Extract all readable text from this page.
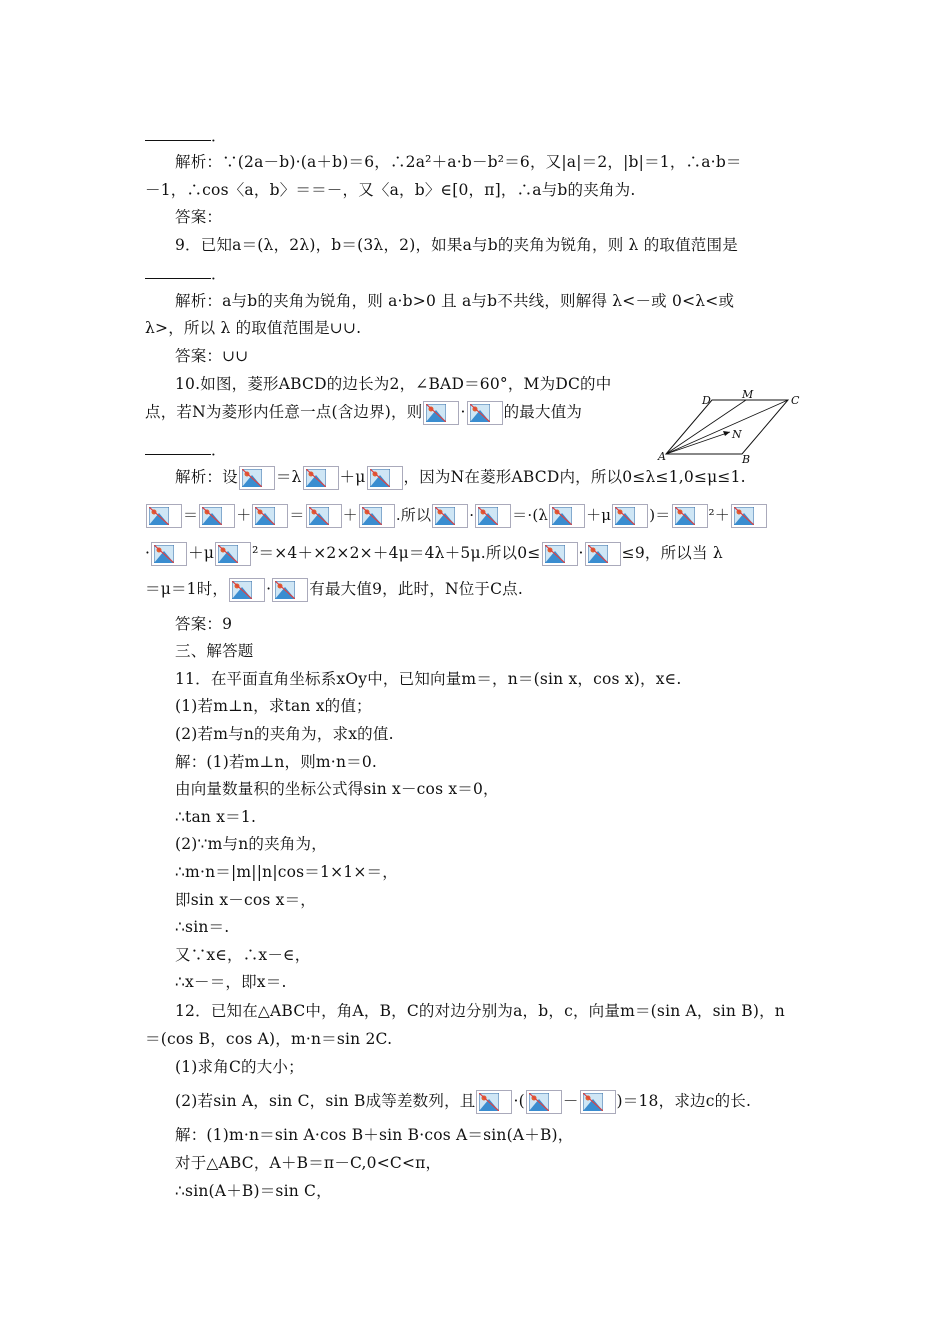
．
解析：∵(2a－b)·(a＋b)＝6，∴2a²＋a·b－b²＝6，又|a|＝2，|b|＝1，∴a·b＝
－1，∴cos〈a，b〉＝＝－，又〈a，b〉∈[0，π]，∴a与b的夹角为.
答案：
9．已知a＝(λ，2λ)，b＝(3λ，2)，如果a与b的夹角为锐角，则 λ 的取值范围是
．
解析：a与b的夹角为锐角，则 a·b>0 且 a与b不共线，则解得 λ<－或 0<λ<或
λ>，所以 λ 的取值范围是∪∪.
答案：∪∪
10.如图，菱形ABCD的边长为2，∠BAD＝60°，M为DC的中
点，若N为菱形内任意一点(含边界)，则 · 的最大值为
D	M	C
N
A	B
．
解析：设 ＝λ ＋μ ，因为N在菱形ABCD内，所以0≤λ≤1,0≤μ≤1.
＝	＋	＝	＋	.所以	·	＝·(λ	＋μ	)＝	²＋
· ＋μ ²＝×4＋×2×2×＋4μ＝4λ＋5μ.所以0≤ · ≤9，所以当 λ
＝μ＝1时， · 有最大值9，此时，N位于C点.
答案：9
三、解答题
11．在平面直角坐标系xOy中，已知向量m＝，n＝(sin x，cos x)，x∈.
(1)若m⊥n，求tan x的值；
(2)若m与n的夹角为，求x的值.
解：(1)若m⊥n，则m·n＝0.
由向量数量积的坐标公式得sin x－cos x＝0，
∴tan x＝1.
(2)∵m与n的夹角为，
∴m·n＝|m||n|cos＝1×1×＝，
即sin x－cos x＝，
∴sin＝.
又∵x∈，∴x－∈，
∴x－＝，即x＝.
12．已知在△ABC中，角A，B，C的对边分别为a，b，c，向量m＝(sin A，sin B)，n
＝(cos B，cos A)，m·n＝sin 2C.
(1)求角C的大小；
(2)若sin A，sin C，sin B成等差数列，且 ·( － )＝18，求边c的长.
解：(1)m·n＝sin A·cos B＋sin B·cos A＝sin(A＋B)，
对于△ABC，A＋B＝π－C,0<C<π，
∴sin(A＋B)＝sin C，
